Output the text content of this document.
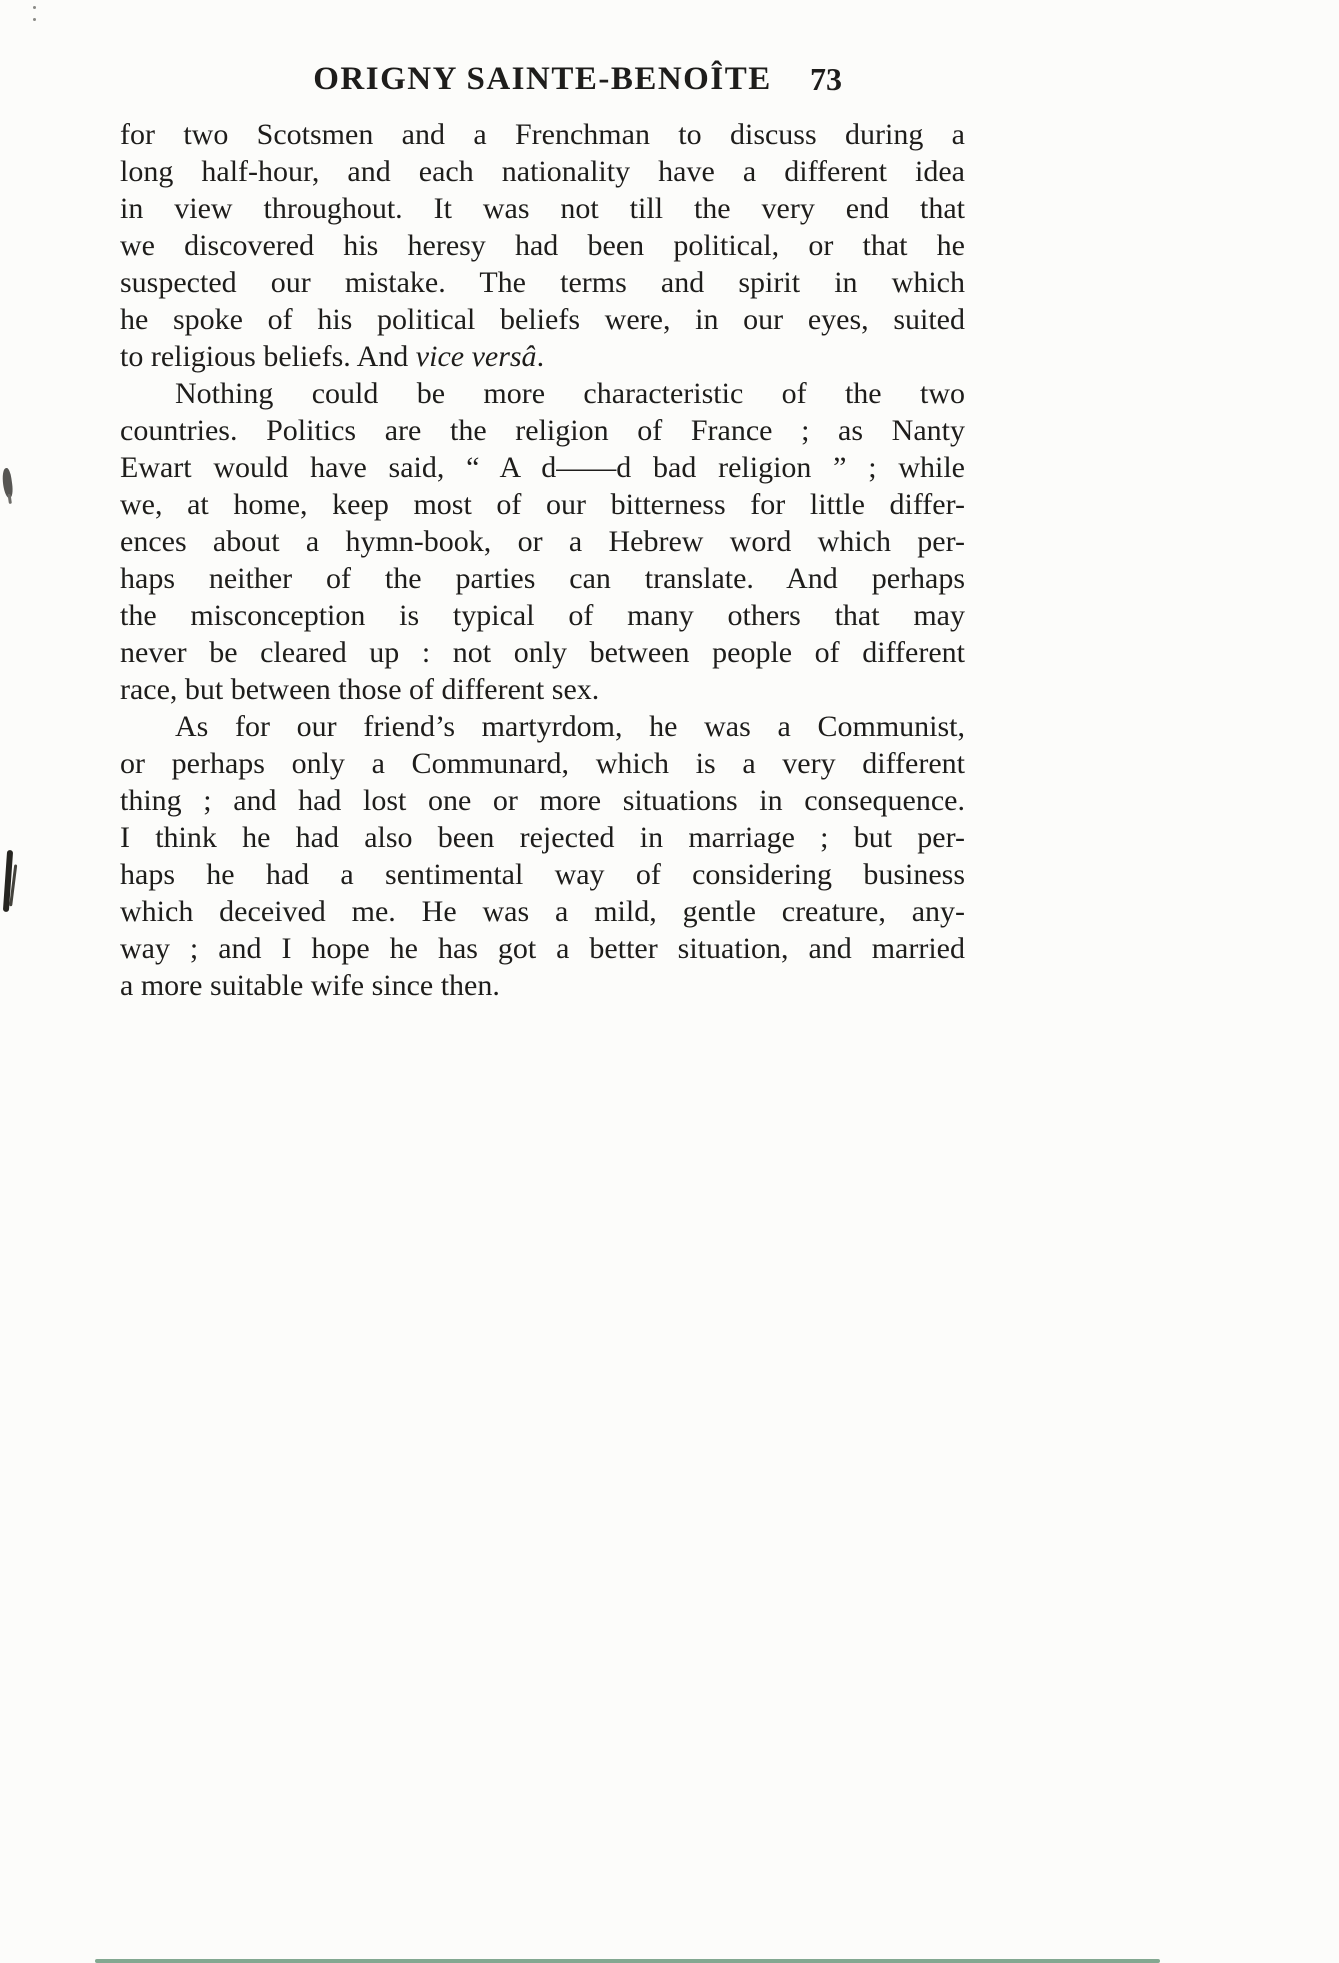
ORIGNY SAINTE-BENOÎTE 73
for two Scotsmen and a Frenchman to discuss during a
long half-hour, and each nationality have a different idea
in view throughout. It was not till the very end that
we discovered his heresy had been political, or that he
suspected our mistake. The terms and spirit in which
he spoke of his political beliefs were, in our eyes, suited
to religious beliefs. And vice versâ.
Nothing could be more characteristic of the two
countries. Politics are the religion of France ; as Nanty
Ewart would have said, “ A d——d bad religion ” ; while
we, at home, keep most of our bitterness for little differ-
ences about a hymn-book, or a Hebrew word which per-
haps neither of the parties can translate. And perhaps
the misconception is typical of many others that may
never be cleared up : not only between people of different
race, but between those of different sex.
As for our friend’s martyrdom, he was a Communist,
or perhaps only a Communard, which is a very different
thing ; and had lost one or more situations in consequence.
I think he had also been rejected in marriage ; but per-
haps he had a sentimental way of considering business
which deceived me. He was a mild, gentle creature, any-
way ; and I hope he has got a better situation, and married
a more suitable wife since then.
